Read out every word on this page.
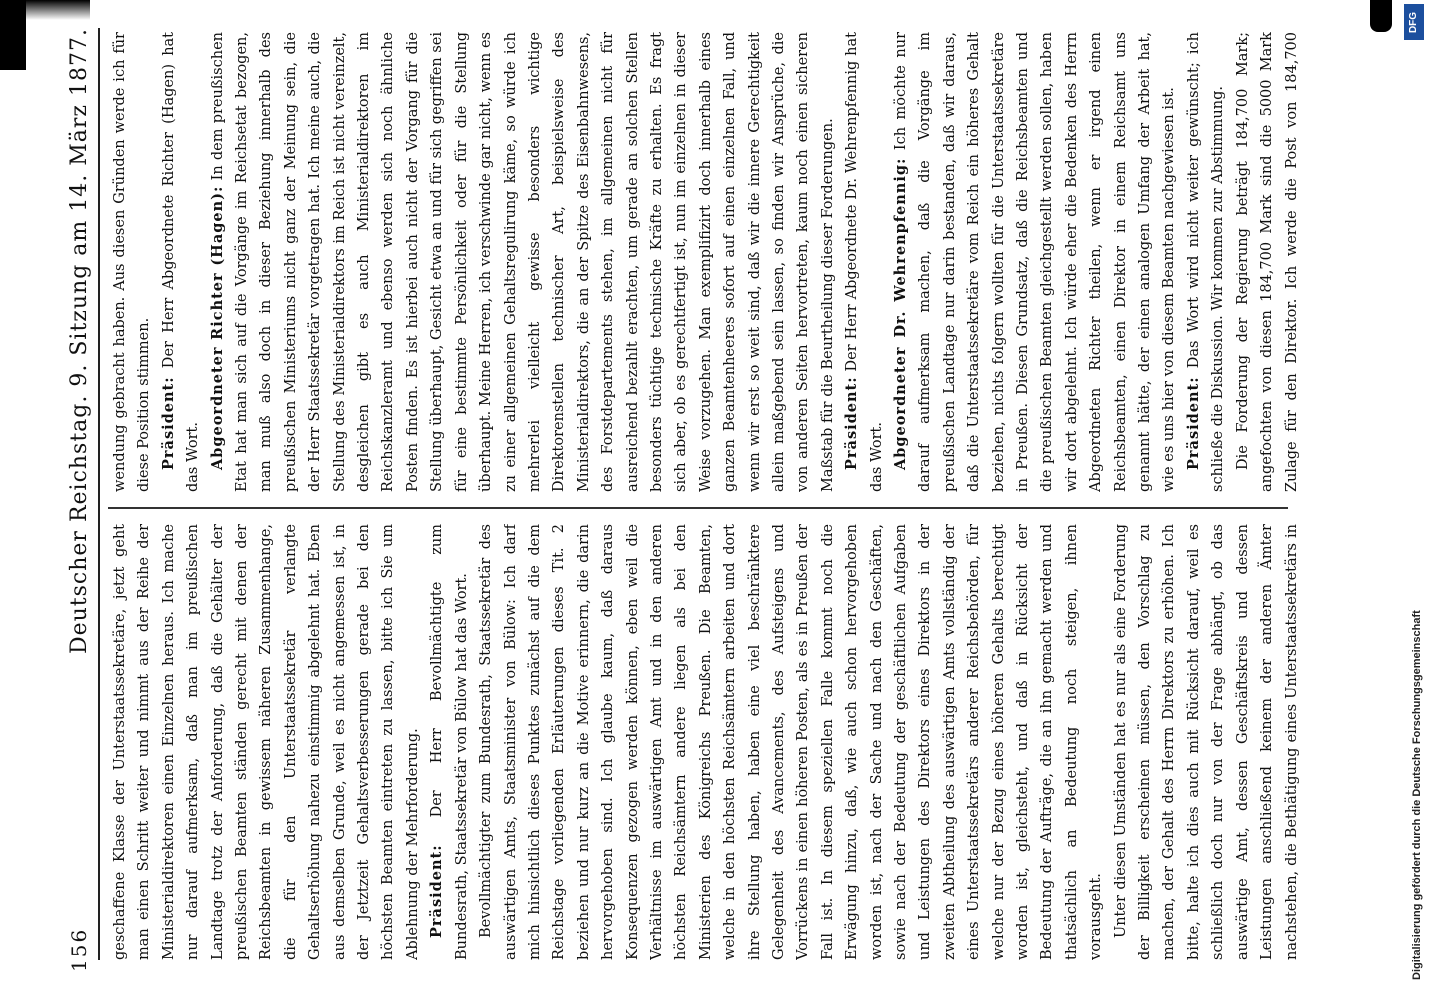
156
Deutscher Reichstag. 9. Sitzung am 14. März 1877.

geschaffene Klasse der Unterstaatssekretäre, jetzt geht man einen Schritt weiter und nimmt aus der Reihe der Ministerialdirektoren einen Einzelnen heraus. Ich mache nur darauf aufmerksam, daß man im preußischen Landtage trotz der Anforderung, daß die Gehälter der preußischen Beamten ständen gerecht mit denen der Reichsbeamten in gewissem näheren Zusammenhange, die für den Unterstaatssekretär verlangte Gehaltserhöhung nahezu einstimmig abgelehnt hat. Eben aus demselben Grunde, weil es nicht angemessen ist, in der Jetztzeit Gehaltsverbesserungen gerade bei den höchsten Beamten eintreten zu lassen, bitte ich Sie um Ablehnung der Mehrforderung. Präsident: Der Herr Bevollmächtigte zum Bundesrath, Staatssekretär von Bülow hat das Wort. Bevollmächtigter zum Bundesrath, Staatssekretär des auswärtigen Amts, Staatsminister von Bülow: Ich darf mich hinsichtlich dieses Punktes zunächst auf die dem Reichstage vorliegenden Erläuterungen dieses Tit. 2 beziehen und nur kurz an die Motive erinnern, die darin hervorgehoben sind. Ich glaube kaum, daß daraus Konsequenzen gezogen werden können, eben weil die Verhältnisse im auswärtigen Amt und in den anderen höchsten Reichsämtern andere liegen als bei den Ministerien des Königreichs Preußen. Die Beamten, welche in den höchsten Reichsämtern arbeiten und dort ihre Stellung haben, haben eine viel beschränktere Gelegenheit des Avancements, des Aufsteigens und Vorrückens in einen höheren Posten, als es in Preußen der Fall ist. In diesem speziellen Falle kommt noch die Erwägung hinzu, daß, wie auch schon hervorgehoben worden ist, nach der Sache und nach den Geschäften, sowie nach der Bedeutung der geschäftlichen Aufgaben und Leistungen des Direktors eines Direktors in der zweiten Abtheilung des auswärtigen Amts vollständig der eines Unterstaatssekretärs anderer Reichsbehörden, für welche nur der Bezug eines höheren Gehalts berechtigt worden ist, gleichsteht, und daß in Rücksicht der Bedeutung der Aufträge, die an ihn gemacht werden und thatsächlich an Bedeutung noch steigen, ihnen vorausgeht. Unter diesen Umständen hat es nur als eine Forderung der Billigkeit erscheinen müssen, den Vorschlag zu machen, der Gehalt des Herrn Direktors zu erhöhen. Ich bitte, halte ich dies auch mit Rücksicht darauf, weil es schließlich doch nur von der Frage abhängt, ob das auswärtige Amt, dessen Geschäftskreis und dessen Leistungen anschließend keinem der anderen Ämter nachstehen, die Bethätigung eines Unterstaatssekretärs in

wendung gebracht haben. Aus diesen Gründen werde ich für diese Position stimmen. Präsident: Der Herr Abgeordnete Richter (Hagen) hat das Wort. Abgeordneter Richter (Hagen): In dem preußischen Etat hat man sich auf die Vorgänge im Reichsetat bezogen, man muß also doch in dieser Beziehung innerhalb des preußischen Ministeriums nicht ganz der Meinung sein, die der Herr Staatssekretär vorgetragen hat. Ich meine auch, die Stellung des Ministerialdirektors im Reich ist nicht vereinzelt, desgleichen gibt es auch Ministerialdirektoren im Reichskanzleramt und ebenso werden sich noch ähnliche Posten finden. Es ist hierbei auch nicht der Vorgang für die Stellung überhaupt, Gesicht etwa an und für sich gegriffen sei für eine bestimmte Persönlichkeit oder für die Stellung überhaupt. Meine Herren, ich verschwinde gar nicht, wenn es zu einer allgemeinen Gehaltsregulirung käme, so würde ich mehrerlei vielleicht gewisse besonders wichtige Direktorenstellen technischer Art, beispielsweise des Ministerialdirektors, die an der Spitze des Eisenbahnwesens, des Forstdepartements stehen, im allgemeinen nicht für ausreichend bezahlt erachten, um gerade an solchen Stellen besonders tüchtige technische Kräfte zu erhalten. Es fragt sich aber, ob es gerechtfertigt ist, nun im einzelnen in dieser Weise vorzugehen. Man exemplifizirt doch innerhalb eines ganzen Beamtenheeres sofort auf einen einzelnen Fall, und wenn wir erst so weit sind, daß wir die innere Gerechtigkeit allein maßgebend sein lassen, so finden wir Ansprüche, die von anderen Seiten hervortreten, kaum noch einen sicheren Maßstab für die Beurtheilung dieser Forderungen. Präsident: Der Herr Abgeordnete Dr. Wehrenpfennig hat das Wort. Abgeordneter Dr. Wehrenpfennig: Ich möchte nur darauf aufmerksam machen, daß die Vorgänge im preußischen Landtage nur darin bestanden, daß wir daraus, daß die Unterstaatssekretäre vom Reich ein höheres Gehalt beziehen, nichts folgern wollten für die Unterstaatssekretäre in Preußen. Diesen Grundsatz, daß die Reichsbeamten und die preußischen Beamten gleichgestellt werden sollen, haben wir dort abgelehnt. Ich würde eher die Bedenken des Herrn Abgeordneten Richter theilen, wenn er irgend einen Reichsbeamten, einen Direktor in einem Reichsamt uns genannt hätte, der einen analogen Umfang der Arbeit hat, wie es uns hier von diesem Beamten nachgewiesen ist. Präsident: Das Wort wird nicht weiter gewünscht; ich schließe die Diskussion. Wir kommen zur Abstimmung. Die Forderung der Regierung beträgt 184,700 Mark; angefochten von diesen 184,700 Mark sind die 5000 Mark Zulage für den Direktor. Ich werde die Post von 184,700

DFG
Digitalisierung gefördert durch die Deutsche Forschungsgemeinschaft
